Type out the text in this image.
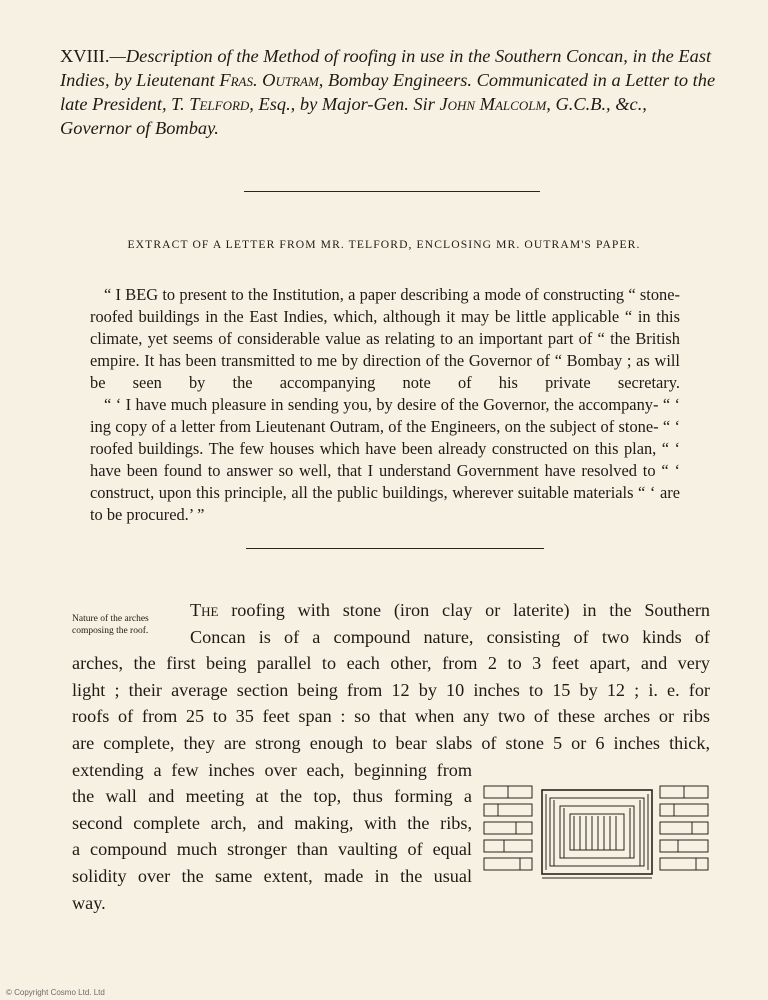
XVIII.—Description of the Method of roofing in use in the Southern Concan, in the East Indies, by Lieutenant Fras. Outram, Bombay Engineers. Communicated in a Letter to the late President, T. Telford, Esq., by Major-Gen. Sir John Malcolm, G.C.B., &c., Governor of Bombay.
EXTRACT OF A LETTER FROM MR. TELFORD, ENCLOSING MR. OUTRAM'S PAPER.

“ I BEG to present to the Institution, a paper describing a mode of constructing “ stone-roofed buildings in the East Indies, which, although it may be little applicable “ in this climate, yet seems of considerable value as relating to an important part of “ the British empire. It has been transmitted to me by direction of the Governor of “ Bombay ; as will be seen by the accompanying note of his private secretary.

“ ‘ I have much pleasure in sending you, by desire of the Governor, the accompany- “ ‘ ing copy of a letter from Lieutenant Outram, of the Engineers, on the subject of stone- “ ‘ roofed buildings. The few houses which have been already constructed on this plan, “ ‘ have been found to answer so well, that I understand Government have resolved to “ ‘ construct, upon this principle, all the public buildings, wherever suitable materials “ ‘ are to be procured.’ ”

Nature of the arches composing the roof.
The roofing with stone (iron clay or laterite) in the Southern
Concan is of a compound nature, consisting of two kinds of
arches, the first being parallel to each other, from 2 to 3 feet apart, and very
light ; their average section being from 12 by 10 inches to 15 by 12 ; i. e. for
roofs of from 25 to 35 feet span : so that when any two of these arches or ribs
are complete, they are strong enough to bear slabs of stone 5 or 6 inches thick,
extending a few inches over each, beginning from
the wall and meeting at the top, thus forming a
second complete arch, and making, with the ribs,
a compound much stronger than vaulting of equal
solidity over the same extent, made in the usual
way.
© Copyright Cosmo Ltd. Ltd
